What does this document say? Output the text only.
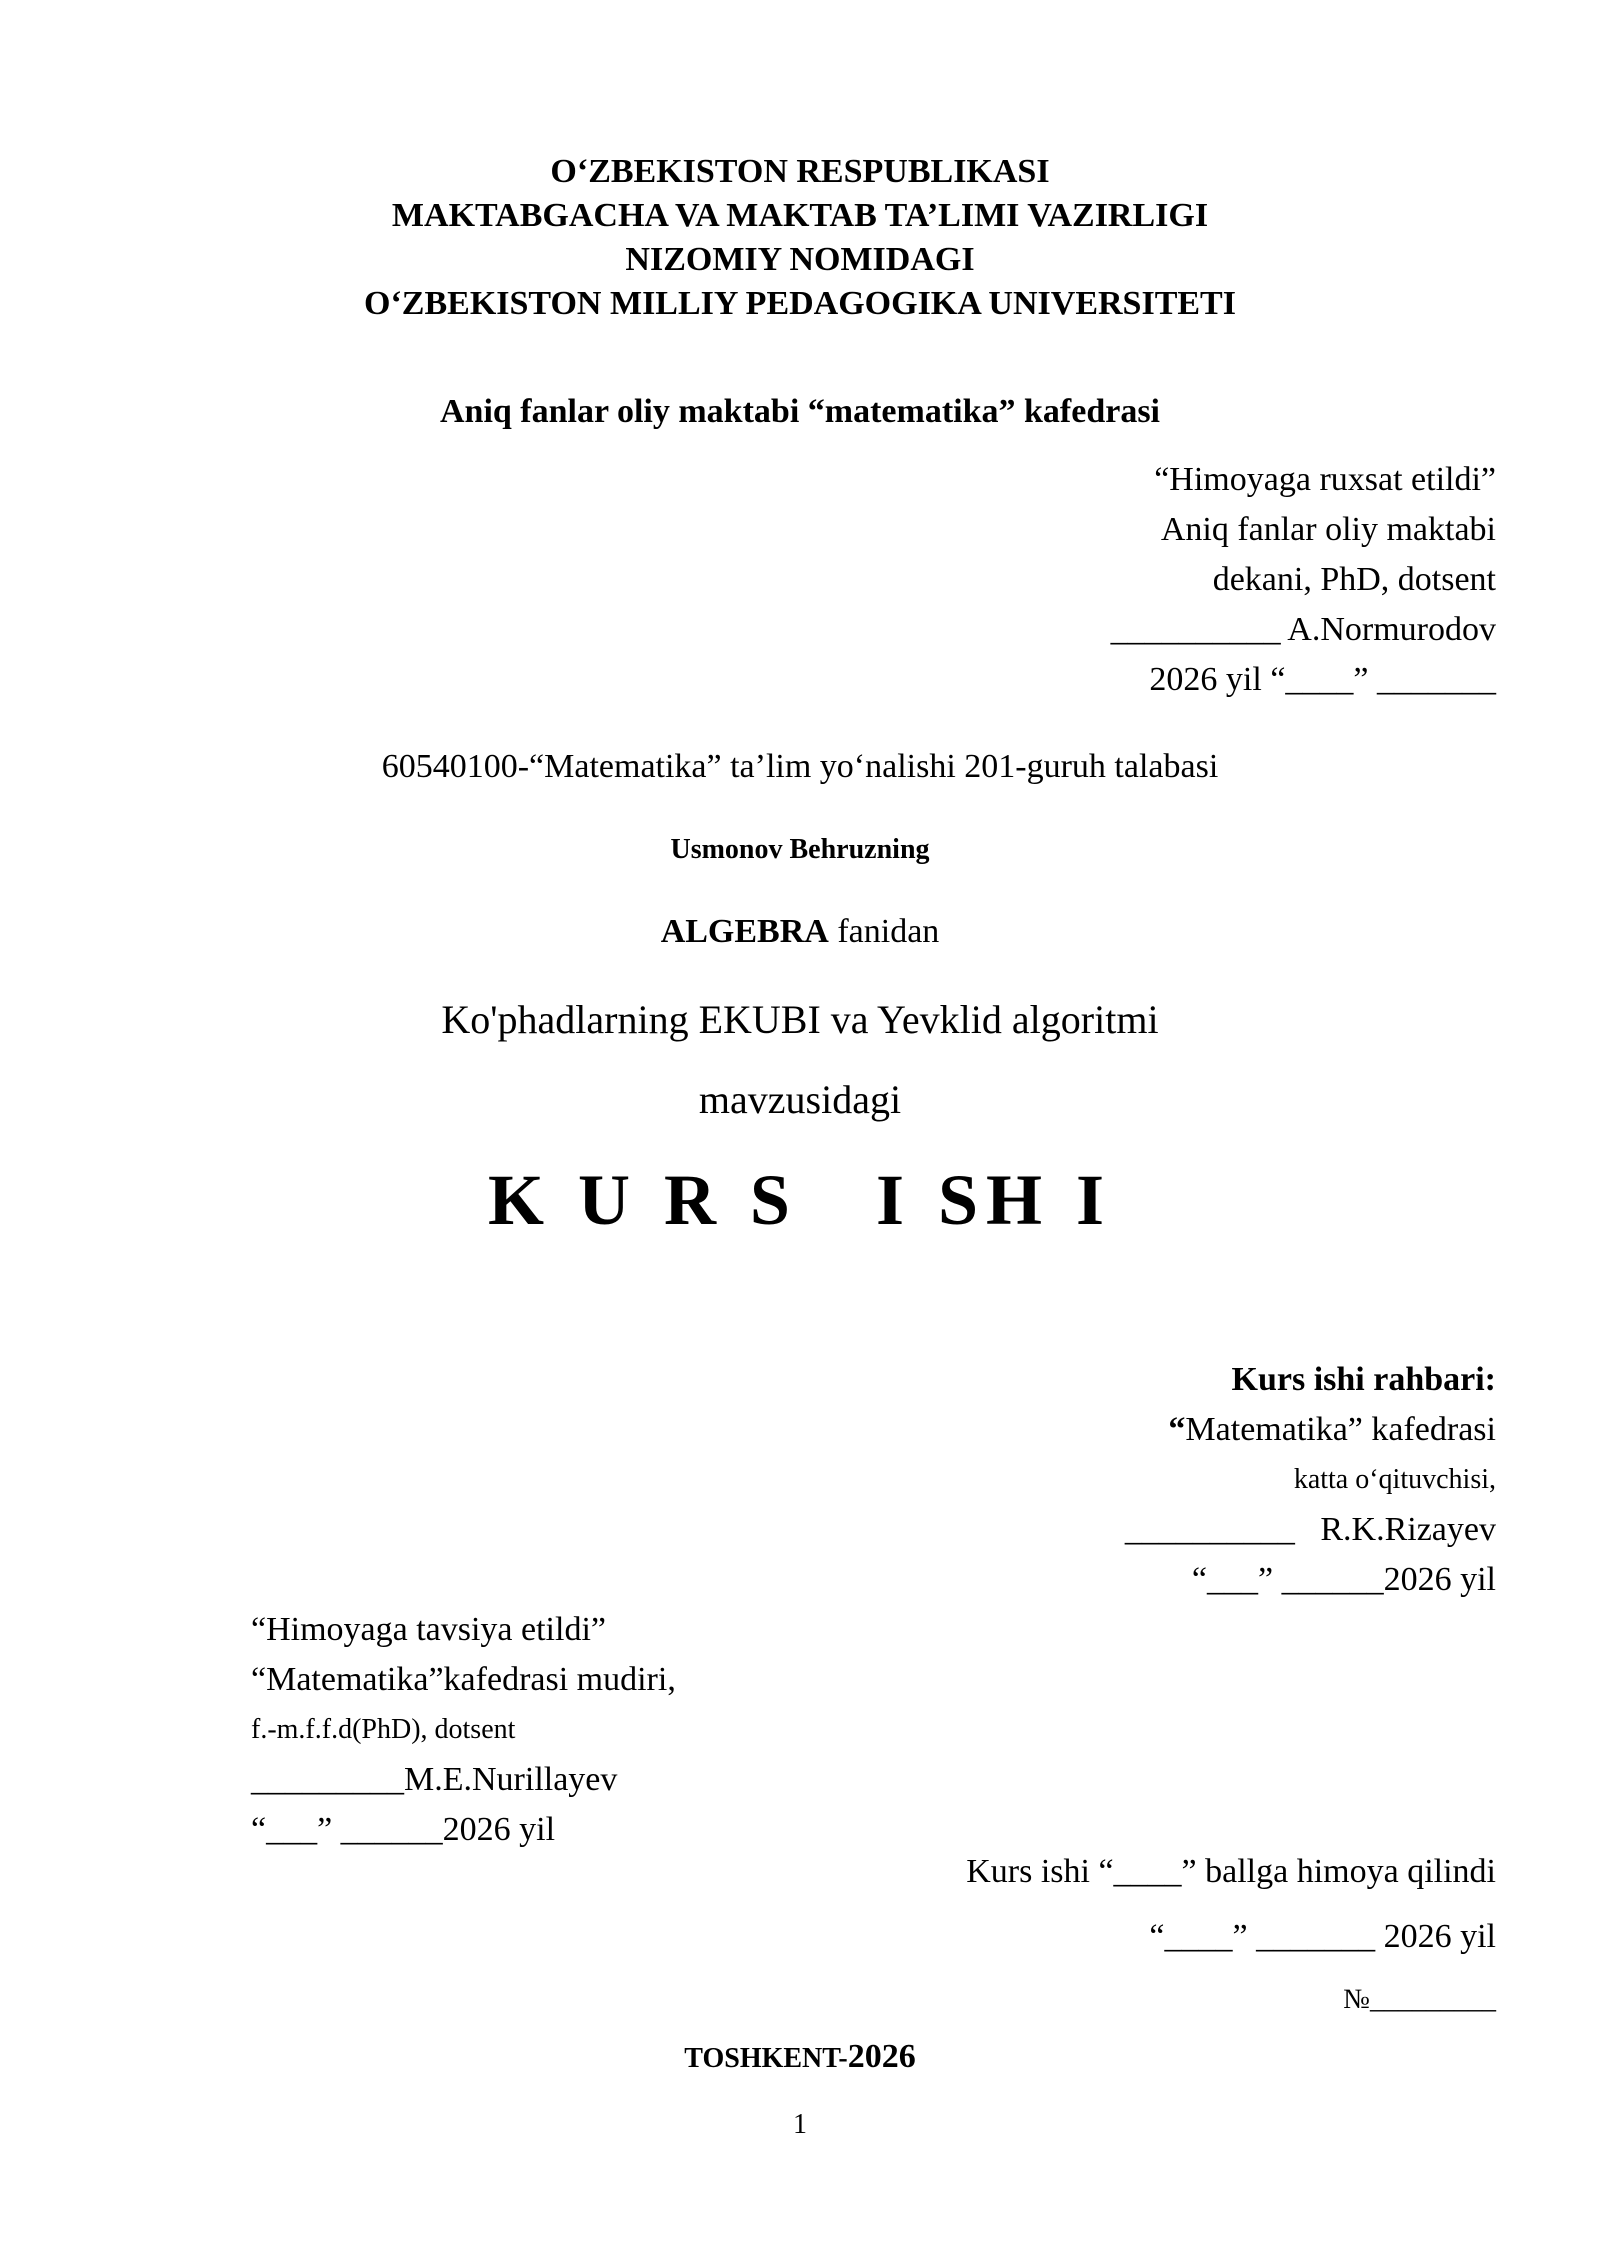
O‘ZBEKISTON RESPUBLIKASI
MAKTABGACHA VA MAKTAB TA’LIMI VAZIRLIGI
NIZOMIY NOMIDAGI
O‘ZBEKISTON MILLIY PEDAGOGIKA UNIVERSITETI
Aniq fanlar oliy maktabi “matematika” kafedrasi
“Himoyaga ruxsat etildi”
Aniq fanlar oliy maktabi
dekani, PhD, dotsent
__________ A.Normurodov
2026 yil “____” _______
60540100-“Matematika” ta’lim yo‘nalishi 201-guruh talabasi
Usmonov Behruzning
ALGEBRA fanidan
Ko'phadlarning EKUBI va Yevklid algoritmi
mavzusidagi
K U R S   I SH I
Kurs ishi rahbari:
“Matematika” kafedrasi
katta o‘qituvchisi,
__________   R.K.Rizayev
“___” ______2026 yil
“Himoyaga tavsiya etildi”
“Matematika”kafedrasi mudiri,
f.-m.f.f.d(PhD), dotsent
_________M.E.Nurillayev
“___” ______2026 yil
Kurs ishi “____” ballga himoya qilindi
“____” _______ 2026 yil
№_________
TOSHKENT-2026
1
